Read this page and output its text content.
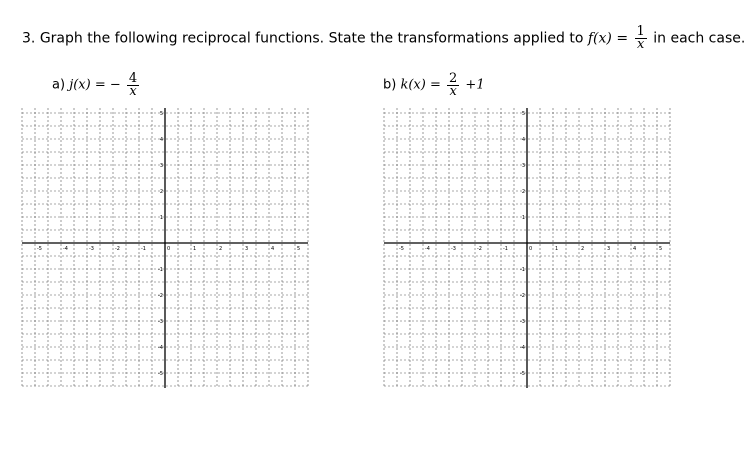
3. Graph the following reciprocal functions. State the transformations applied to $f(x) = \frac{1}{x}$ in each case.
a) j(x) = − $\frac{4}{x}$	b) $k(x) = \frac{2}{x} +1$
-5	-4	-3	-2	-1	0	1	2	3	4	5
5
4
3
2
1
-1
-2
-3
-4
-5
-5	-4	-3	-2	-1	0	1	2	3	4	5
5
4
3
2
1
-1
-2
-3
-4
-5
